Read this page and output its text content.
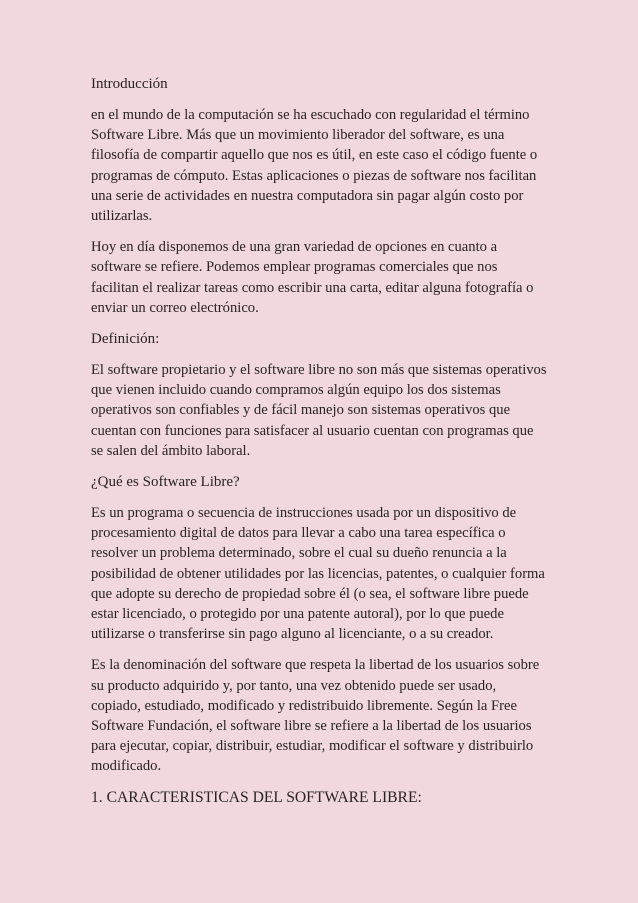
Introducción

en el mundo de la computación se ha escuchado con regularidad el término Software Libre. Más que un movimiento liberador del software, es una filosofía de compartir aquello que nos es útil, en este caso el código fuente o programas de cómputo. Estas aplicaciones o piezas de software nos facilitan una serie de actividades en nuestra computadora sin pagar algún costo por utilizarlas.

Hoy en día disponemos de una gran variedad de opciones en cuanto a software se refiere. Podemos emplear programas comerciales que nos facilitan el realizar tareas como escribir una carta, editar alguna fotografía o enviar un correo electrónico.

Definición:

El software propietario y el software libre no son más que sistemas operativos que vienen incluido cuando compramos algún equipo los dos sistemas operativos son confiables y de fácil manejo son sistemas operativos que cuentan con funciones para satisfacer al usuario cuentan con programas que se salen del ámbito laboral.

¿Qué es Software Libre?

Es un programa o secuencia de instrucciones usada por un dispositivo de procesamiento digital de datos para llevar a cabo una tarea específica o resolver un problema determinado, sobre el cual su dueño renuncia a la posibilidad de obtener utilidades por las licencias, patentes, o cualquier forma que adopte su derecho de propiedad sobre él (o sea, el software libre puede estar licenciado, o protegido por una patente autoral), por lo que puede utilizarse o transferirse sin pago alguno al licenciante, o a su creador.

Es la denominación del software que respeta la libertad de los usuarios sobre su producto adquirido y, por tanto, una vez obtenido puede ser usado, copiado, estudiado, modificado y redistribuido libremente. Según la Free Software Fundación, el software libre se refiere a la libertad de los usuarios para ejecutar, copiar, distribuir, estudiar, modificar el software y distribuirlo modificado.

1. CARACTERISTICAS DEL SOFTWARE LIBRE:
